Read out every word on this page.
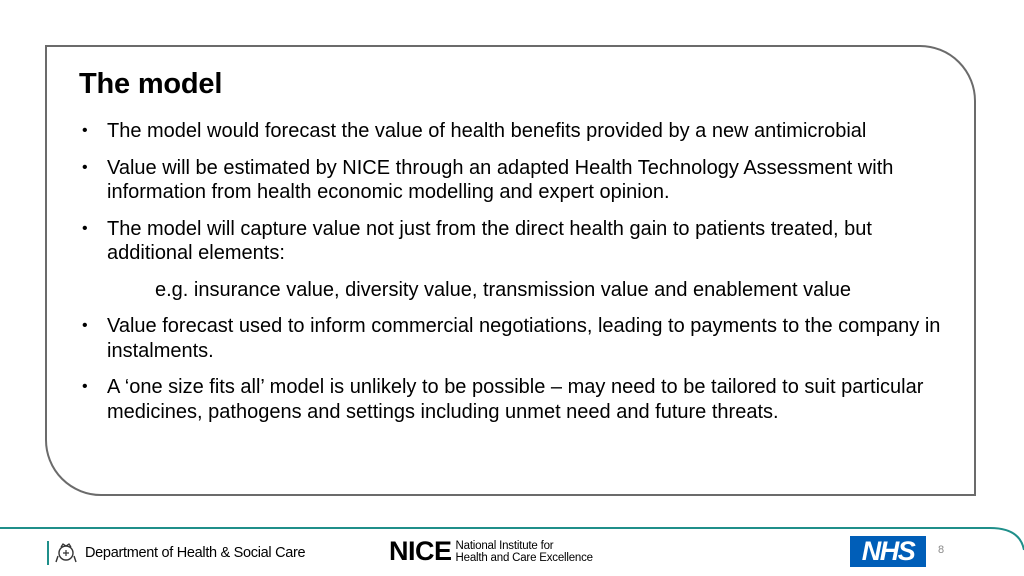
The model
• The model would forecast the value of health benefits provided by a new antimicrobial
• Value will be estimated by NICE through an adapted Health Technology Assessment with information from health economic modelling and expert opinion.
• The model will capture value not just from the direct health gain to patients treated, but additional elements:
e.g. insurance value, diversity value, transmission value and enablement value
• Value forecast used to inform commercial negotiations, leading to payments to the company in instalments.
• A ‘one size fits all’ model is unlikely to be possible – may need to be tailored to suit particular medicines, pathogens and settings including unmet need and future threats.
Department of Health & Social Care	NICE National Institute for
Health and Care Excellence	NHS	8
